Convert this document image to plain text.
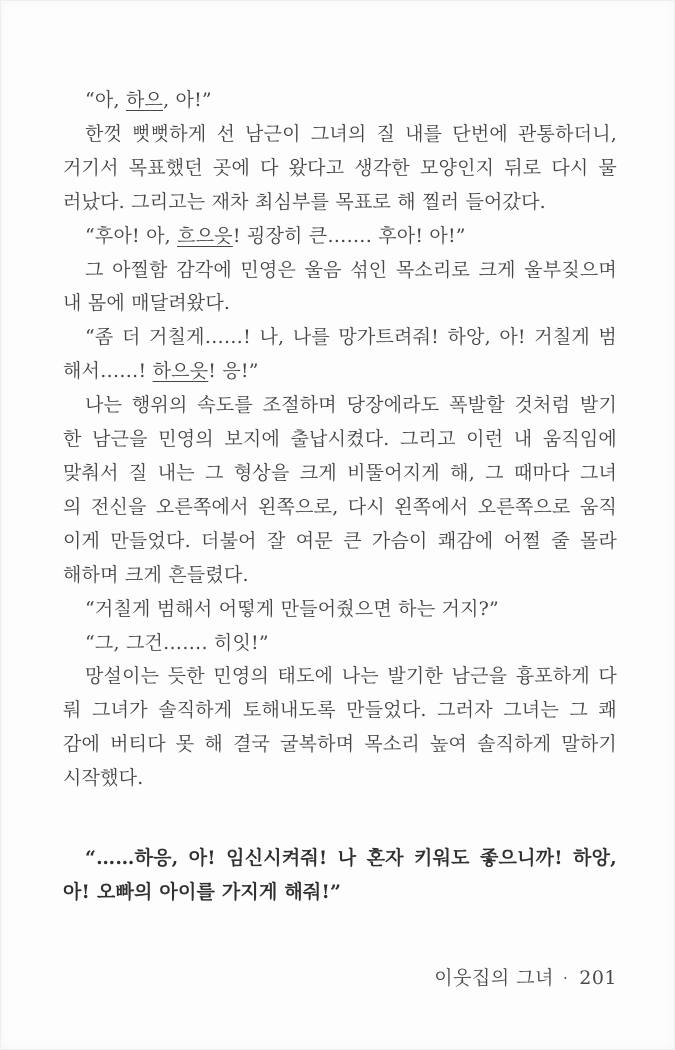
“아, 하으, 아!”
한껏 뻣뻣하게 선 남근이 그녀의 질 내를 단번에 관통하더니,
거기서 목표했던 곳에 다 왔다고 생각한 모양인지 뒤로 다시 물
러났다. 그리고는 재차 최심부를 목표로 해 찔러 들어갔다.
“후아! 아, 흐으읏! 굉장히 큰……. 후아! 아!”
그 아찔함 감각에 민영은 울음 섞인 목소리로 크게 울부짖으며
내 몸에 매달려왔다.
“좀 더 거칠게……! 나, 나를 망가트려줘! 하앙, 아! 거칠게 범
해서……! 하으읏! 응!”
나는 행위의 속도를 조절하며 당장에라도 폭발할 것처럼 발기
한 남근을 민영의 보지에 출납시켰다. 그리고 이런 내 움직임에
맞춰서 질 내는 그 형상을 크게 비뚤어지게 해, 그 때마다 그녀
의 전신을 오른쪽에서 왼쪽으로, 다시 왼쪽에서 오른쪽으로 움직
이게 만들었다. 더불어 잘 여문 큰 가슴이 쾌감에 어쩔 줄 몰라
해하며 크게 흔들렸다.
“거칠게 범해서 어떻게 만들어줬으면 하는 거지?”
“그, 그건……. 히잇!”
망설이는 듯한 민영의 태도에 나는 발기한 남근을 흉포하게 다
뤄 그녀가 솔직하게 토해내도록 만들었다. 그러자 그녀는 그 쾌
감에 버티다 못 해 결국 굴복하며 목소리 높여 솔직하게 말하기
시작했다.
“……하응, 아! 임신시켜줘! 나 혼자 키워도 좋으니까! 하앙,
아! 오빠의 아이를 가지게 해줘!”
이웃집의 그녀 · 201
